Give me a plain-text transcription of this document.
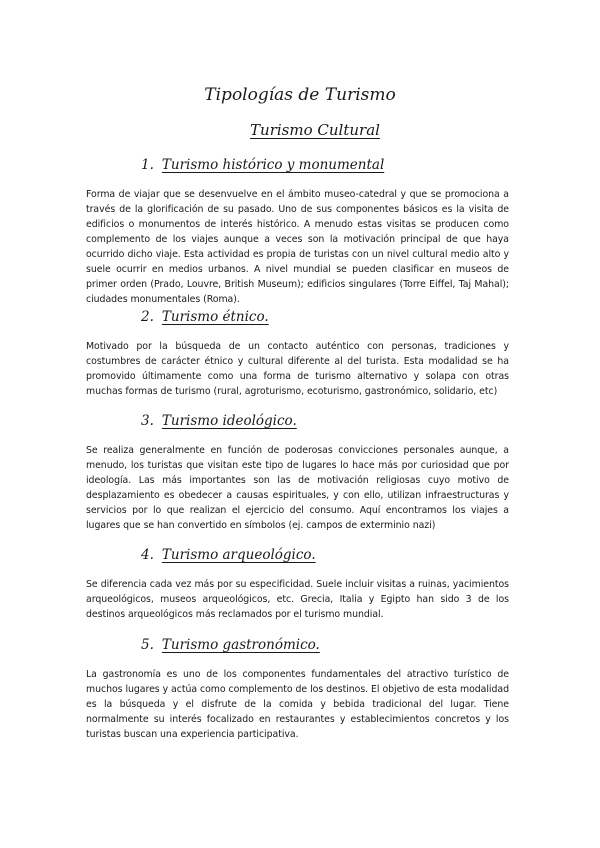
Tipologías de Turismo
Turismo Cultural
1. Turismo histórico y monumental

Forma de viajar que se desenvuelve en el ámbito museo-catedral y que se promociona a través de la glorificación de su pasado. Uno de sus componentes básicos es la visita de edificios o monumentos de interés histórico. A menudo estas visitas se producen como complemento de los viajes aunque a veces son la motivación principal de que haya ocurrido dicho viaje. Esta actividad es propia de turistas con un nivel cultural medio alto y suele ocurrir en medios urbanos. A nivel mundial se pueden clasificar en museos de primer orden (Prado, Louvre, British Museum); edificios singulares (Torre Eiffel, Taj Mahal); ciudades monumentales (Roma).

2. Turismo étnico.

Motivado por la búsqueda de un contacto auténtico con personas, tradiciones y costumbres de carácter étnico y cultural diferente al del turista. Esta modalidad se ha promovido últimamente como una forma de turismo alternativo y solapa con otras muchas formas de turismo (rural, agroturismo, ecoturismo, gastronómico, solidario, etc)

3. Turismo ideológico.

Se realiza generalmente en función de poderosas convicciones personales aunque, a menudo, los turistas que visitan este tipo de lugares lo hace más por curiosidad que por ideología. Las más importantes son las de motivación religiosas cuyo motivo de desplazamiento es obedecer a causas espirituales, y con ello, utilizan infraestructuras y servicios por lo que realizan el ejercicio del consumo. Aquí encontramos los viajes a lugares que se han convertido en símbolos (ej. campos de exterminio nazi)

4. Turismo arqueológico.

Se diferencia cada vez más por su especificidad. Suele incluir visitas a ruinas, yacimientos arqueológicos, museos arqueológicos, etc. Grecia, Italia y Egipto han sido 3 de los destinos arqueológicos más reclamados por el turismo mundial.

5. Turismo gastronómico.

La gastronomía es uno de los componentes fundamentales del atractivo turístico de muchos lugares y actúa como complemento de los destinos. El objetivo de esta modalidad es la búsqueda y el disfrute de la comida y bebida tradicional del lugar. Tiene normalmente su interés focalizado en restaurantes y establecimientos concretos y los turistas buscan una experiencia participativa.
